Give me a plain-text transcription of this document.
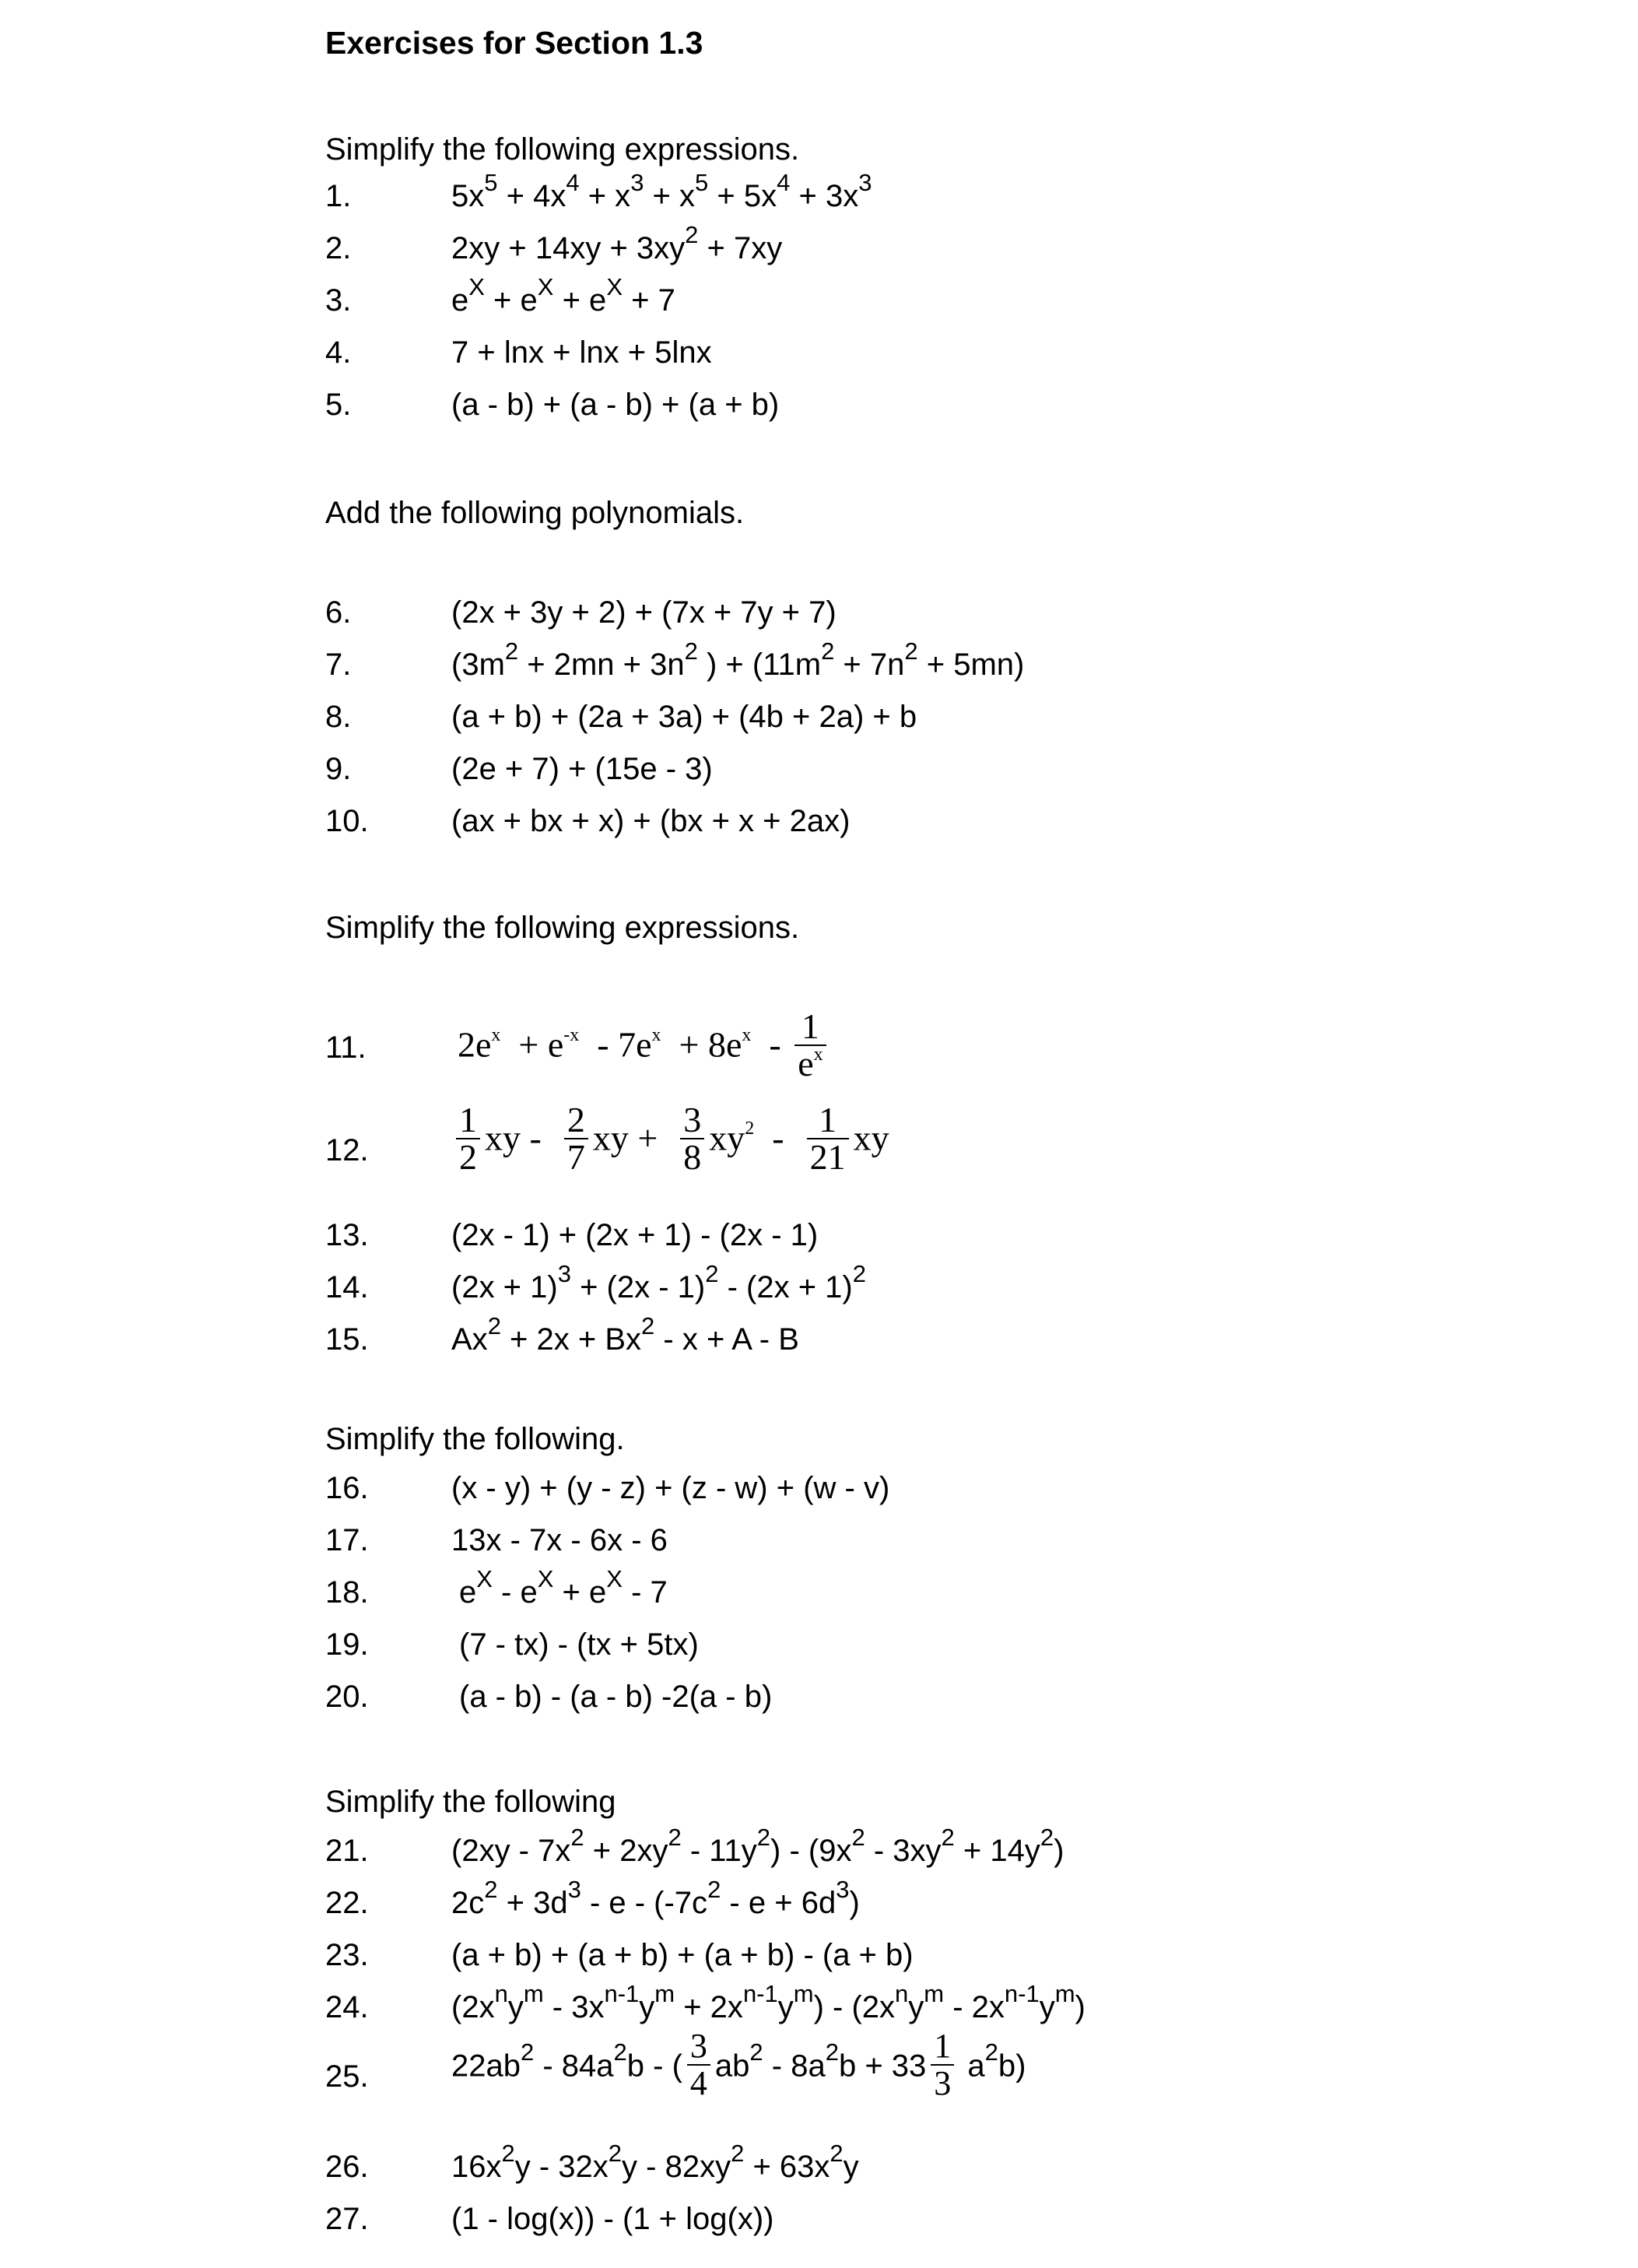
Exercises for Section 1.3
Simplify the following expressions.
1.	$5x^5 + 4x^4 + x^3 + x^5 + 5x^4 + 3x^3$
2.	$2xy + 14xy + 3xy^2 + 7xy$
3.	$e^X + e^X + e^X + 7$
4.	7 + lnx + lnx + 5lnx
5.	(a - b) + (a - b) + (a + b)
Add the following polynomials.
6.	(2x + 3y + 2) + (7x + 7y + 7)
7.	($3m^2 + 2mn + 3n^2$ ) + $(11m^2 + 7n^2 + 5mn)$
8.	(a + b) + (2a + 3a) + (4b + 2a) + b
9.	(2e + 7) + (15e - 3)
10.	(ax + bx + x) + (bx + x + 2ax)
Simplify the following expressions.
11.	$2e^x + e^{-x} - 7e^x + 8e^x - \frac{1}{e^x}$
12. $\frac{1}{2}$ xy - $\frac{2}{7}$ xy + $\frac{3}{8} xy^2 - \frac{1}{21}$ xy
13.	(2x - 1) + (2x + 1) - (2x - 1)
14.	$(2x + 1)^3 + (2x - 1)^2 - (2x + 1)^2$
15.	$Ax^2 + 2x + Bx^2 - x + A - B$
Simplify the following.
16.	(x - y) + (y - z) + (z - w) + (w - v)
17.	13x - 7x - 6x - 6
18.	$e^X - e^X + e^X - 7$
19.	(7 - tx) - (tx + 5tx)
20.	(a - b) - (a - b) -2(a - b)
Simplify the following
21.	$(2xy - 7x^2 + 2xy^2 - 11y^2) - (9x^2 - 3xy^2 + 14y^2)$
22.	$2c^2 + 3d^3 - e - (-7c^2 - e + 6d^3)$
23.	(a + b) + (a + b) + (a + b) - (a + b)
24.	$(2x^ny^m - 3x^{n-1}y^m + 2x^{n-1}y^m) - (2x^ny^m - 2x^{n-1}y^m)$
25.	$22ab^2 - 84a^2b$ - ( $\frac{3}{4} ab^2 - 8a^2b + 33 \frac{1}{3} a^2b$)
26.	$16x^2y - 32x^2y - 82xy^2 + 63x^2y$
27.	(1 - log(x)) - (1 + log(x))
